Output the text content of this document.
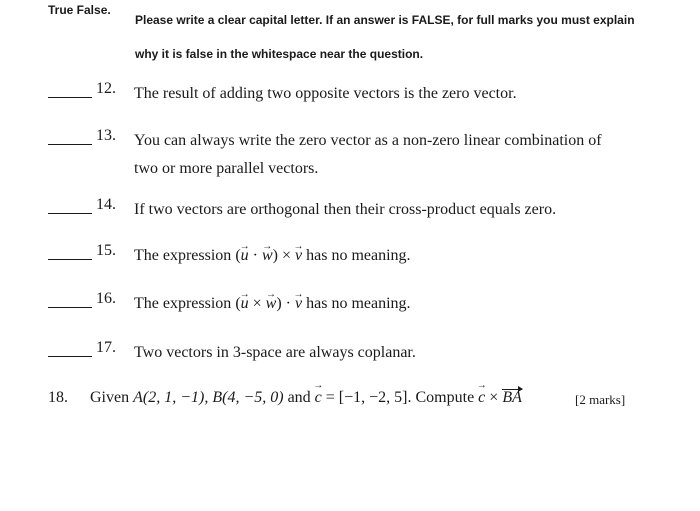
True False.
Please write a clear capital letter. If an answer is FALSE, for full marks you must explain
why it is false in the whitespace near the question.
12. The result of adding two opposite vectors is the zero vector.
13. You can always write the zero vector as a non-zero linear combination of
two or more parallel vectors.
14. If two vectors are orthogonal then their cross-product equals zero.
15. The expression (→ u · → w) × → v has no meaning.
16. The expression (→ u × → w) · → v has no meaning.
17. Two vectors in 3-space are always coplanar.
18. Given A(2, 1, −1), B(4, −5, 0) and → c = [−1, −2, 5]. Compute → c × BA	[2 marks]
